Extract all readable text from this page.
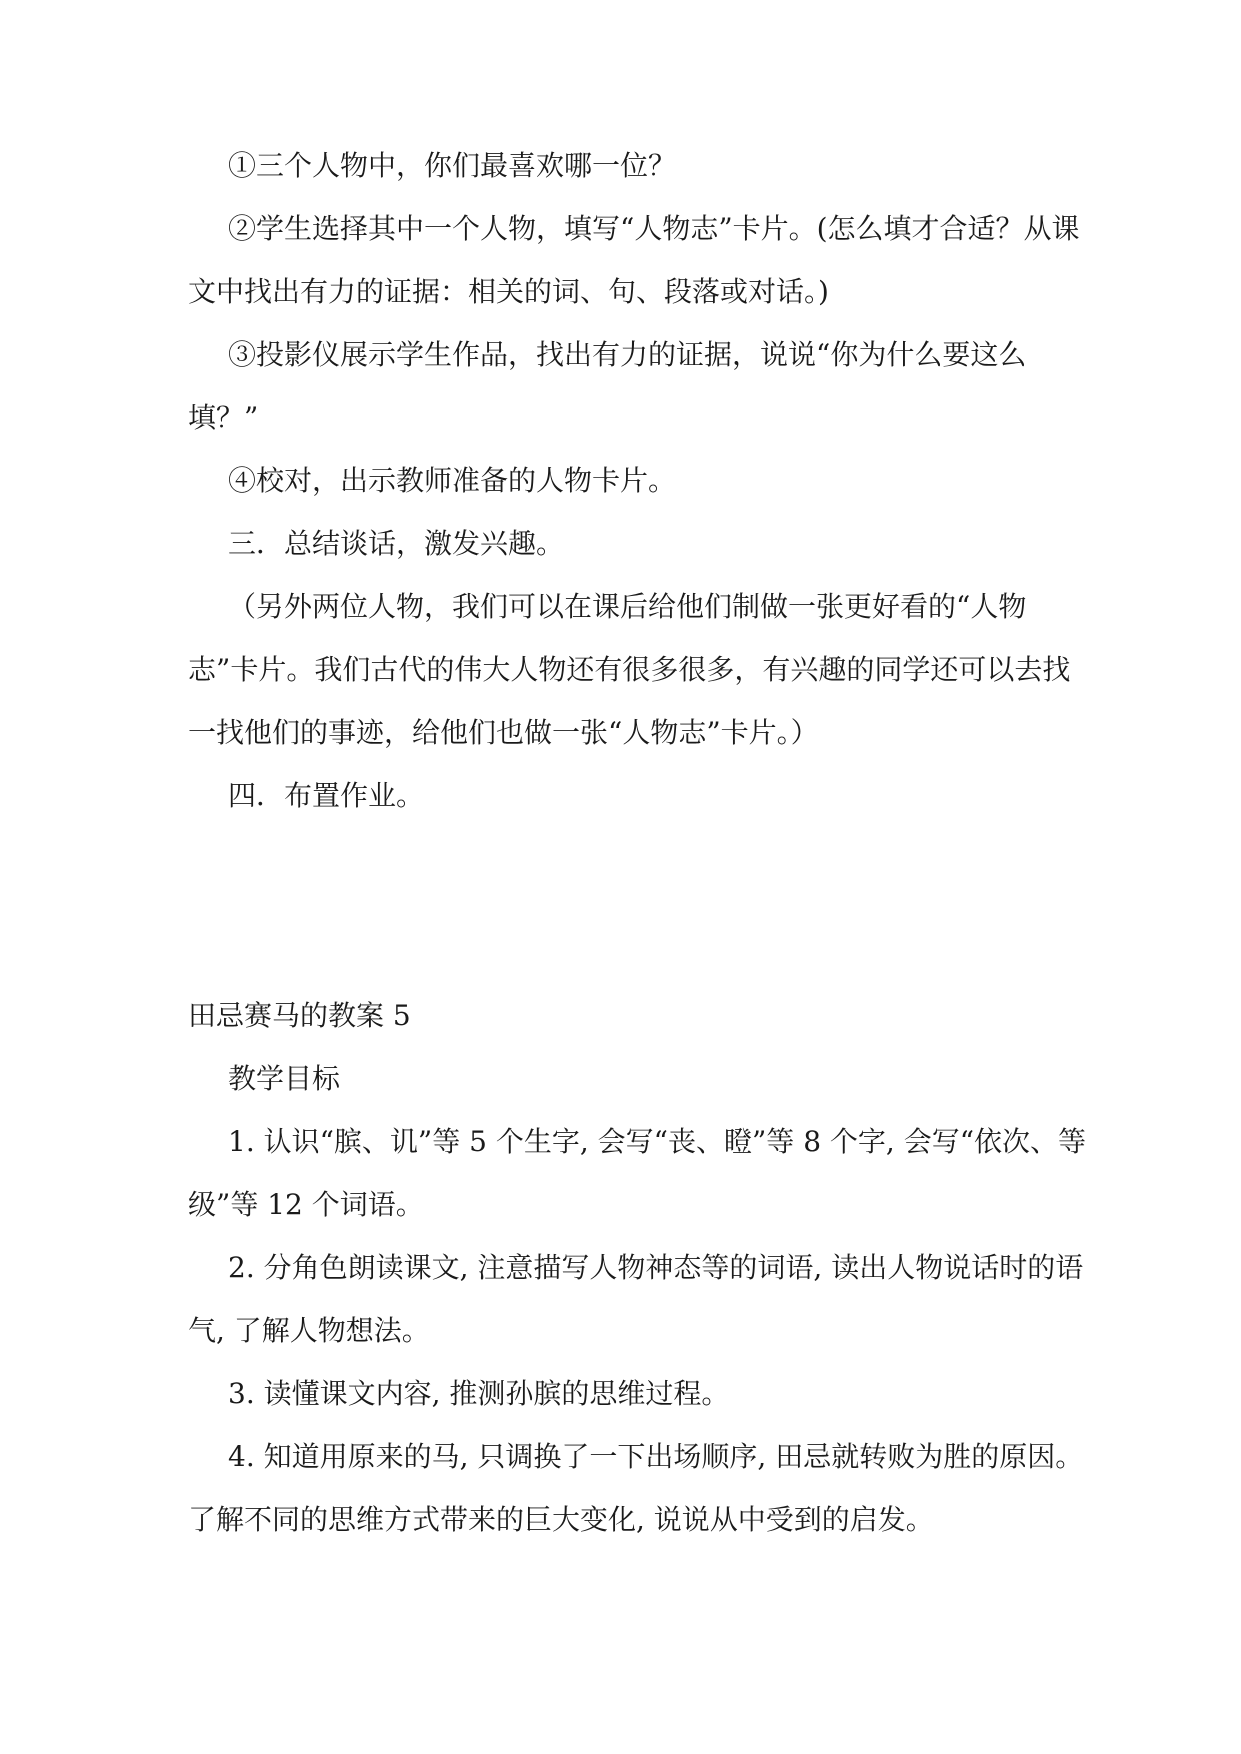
①三个人物中，你们最喜欢哪一位？

②学生选择其中一个人物，填写“人物志”卡片。(怎么填才合适？从课文中找出有力的证据：相关的词、句、段落或对话。)

③投影仪展示学生作品，找出有力的证据，说说“你为什么要这么填？”

④校对，出示教师准备的人物卡片。

三．总结谈话，激发兴趣。

（另外两位人物，我们可以在课后给他们制做一张更好看的“人物志”卡片。我们古代的伟大人物还有很多很多，有兴趣的同学还可以去找一找他们的事迹，给他们也做一张“人物志”卡片。）

四．布置作业。

田忌赛马的教案 5

教学目标

1. 认识“膑、讥”等 5 个生字, 会写“丧、瞪”等 8 个字, 会写“依次、等级”等 12 个词语。

2. 分角色朗读课文, 注意描写人物神态等的词语, 读出人物说话时的语气, 了解人物想法。

3. 读懂课文内容, 推测孙膑的思维过程。

4. 知道用原来的马, 只调换了一下出场顺序, 田忌就转败为胜的原因。了解不同的思维方式带来的巨大变化, 说说从中受到的启发。
